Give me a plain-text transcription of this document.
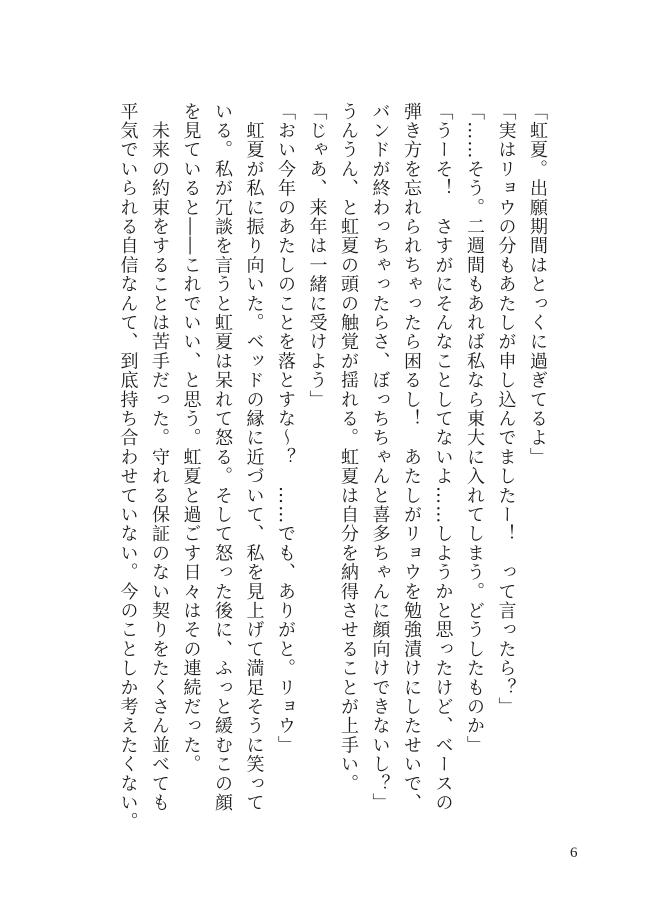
「虹夏。出願期間はとっくに過ぎてるよ」
「実はリョウの分もあたしが申し込んでましたー！　って言ったら？」
「……そう。二週間もあれば私なら東大に入れてしまう。どうしたものか」
「うーそ！　さすがにそんなことしてないよ……しようかと思ったけど、ベースの
弾き方を忘れられちゃったら困るし！　あたしがリョウを勉強漬けにしたせいで、
バンドが終わっちゃったらさ、ぼっちちゃんと喜多ちゃんに顔向けできないし？」
うんうん、と虹夏の頭の触覚が揺れる。虹夏は自分を納得させることが上手い。
「じゃあ、来年は一緒に受けよう」
「おい今年のあたしのことを落とすな〜？　……でも、ありがと。リョウ」
　虹夏が私に振り向いた。ベッドの縁に近づいて、私を見上げて満足そうに笑って
いる。私が冗談を言うと虹夏は呆れて怒る。そして怒った後に、ふっと緩むこの顔
を見ていると――これでいい、と思う。虹夏と過ごす日々はその連続だった。
　未来の約束をすることは苦手だった。守れる保証のない契りをたくさん並べても
平気でいられる自信なんて、到底持ち合わせていない。今のことしか考えたくない。
6
